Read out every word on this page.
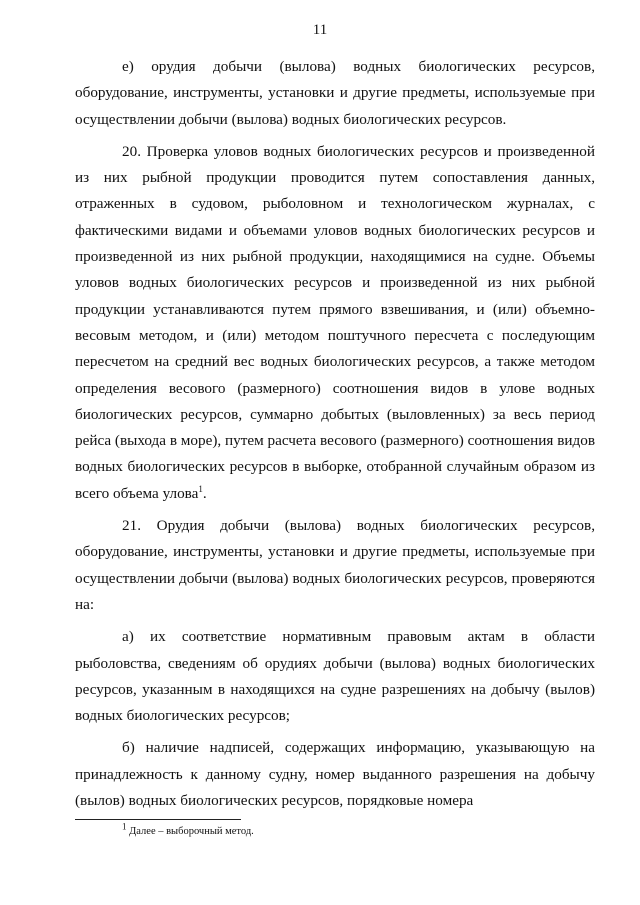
11

е) орудия добычи (вылова) водных биологических ресурсов, оборудование, инструменты, установки и другие предметы, используемые при осуществлении добычи (вылова) водных биологических ресурсов.

20. Проверка уловов водных биологических ресурсов и произведенной из них рыбной продукции проводится путем сопоставления данных, отраженных в судовом, рыболовном и технологическом журналах, с фактическими видами и объемами уловов водных биологических ресурсов и произведенной из них рыбной продукции, находящимися на судне. Объемы уловов водных биологических ресурсов и произведенной из них рыбной продукции устанавливаются путем прямого взвешивания, и (или) объемно-весовым методом, и (или) методом поштучного пересчета с последующим пересчетом на средний вес водных биологических ресурсов, а также методом определения весового (размерного) соотношения видов в улове водных биологических ресурсов, суммарно добытых (выловленных) за весь период рейса (выхода в море), путем расчета весового (размерного) соотношения видов водных биологических ресурсов в выборке, отобранной случайным образом из всего объема улова$^1$.

21. Орудия добычи (вылова) водных биологических ресурсов, оборудование, инструменты, установки и другие предметы, используемые при осуществлении добычи (вылова) водных биологических ресурсов, проверяются на:

а) их соответствие нормативным правовым актам в области рыболовства, сведениям об орудиях добычи (вылова) водных биологических ресурсов, указанным в находящихся на судне разрешениях на добычу (вылов) водных биологических ресурсов;

б) наличие надписей, содержащих информацию, указывающую на принадлежность к данному судну, номер выданного разрешения на добычу (вылов) водных биологических ресурсов, порядковые номера

$^1$ Далее – выборочный метод.
